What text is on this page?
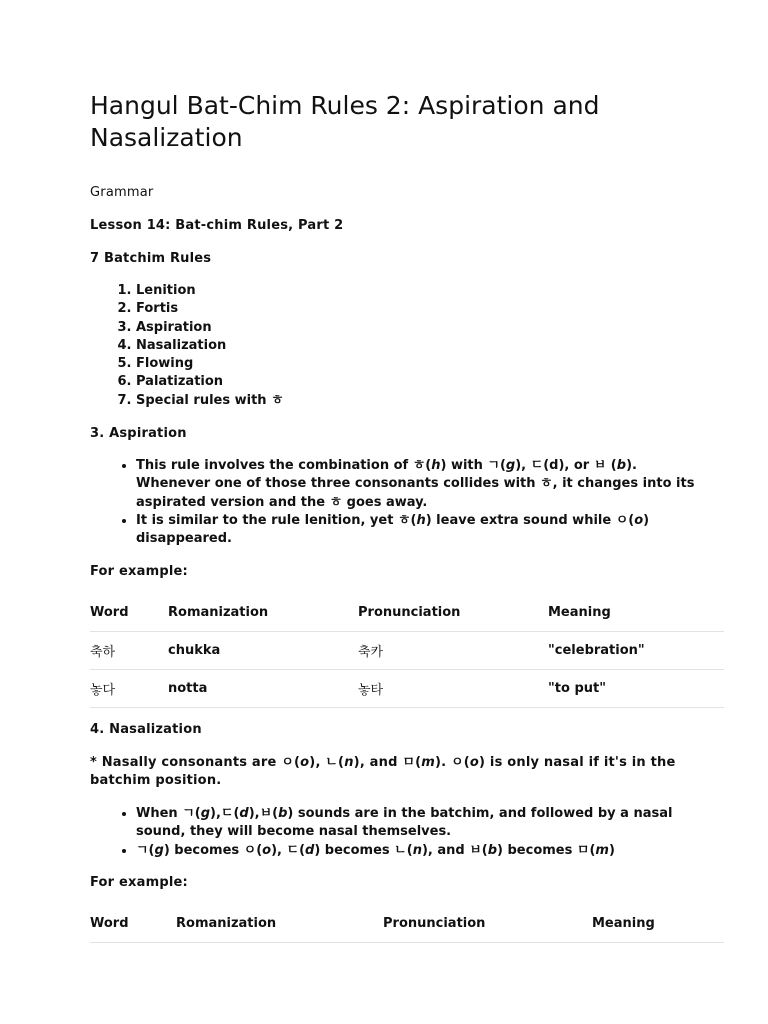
Hangul Bat-Chim Rules 2: Aspiration and Nasalization

Grammar

Lesson 14: Bat-chim Rules, Part 2

7 Batchim Rules

1. Lenition
2. Fortis
3. Aspiration
4. Nasalization
5. Flowing
6. Palatization
7. Special rules with ㅎ

3. Aspiration

• This rule involves the combination of ㅎ(h) with ㄱ(g), ㄷ(d), or ㅂ (b). Whenever one of those three consonants collides with ㅎ, it changes into its aspirated version and the ㅎ goes away.
• It is similar to the rule lenition, yet ㅎ(h) leave extra sound while ㅇ(o) disappeared.

For example:

Word	Romanization	Pronunciation	Meaning
축하	chukka	축카	"celebration"
놓다	notta	놓타	"to put"

4. Nasalization

* Nasally consonants are ㅇ(o), ㄴ(n), and ㅁ(m). ㅇ(o) is only nasal if it's in the batchim position.

• When ㄱ(g),ㄷ(d),ㅂ(b) sounds are in the batchim, and followed by a nasal sound, they will become nasal themselves.
• ㄱ(g) becomes ㅇ(o), ㄷ(d) becomes ㄴ(n), and ㅂ(b) becomes ㅁ(m)

For example:

Word	Romanization	Pronunciation	Meaning
